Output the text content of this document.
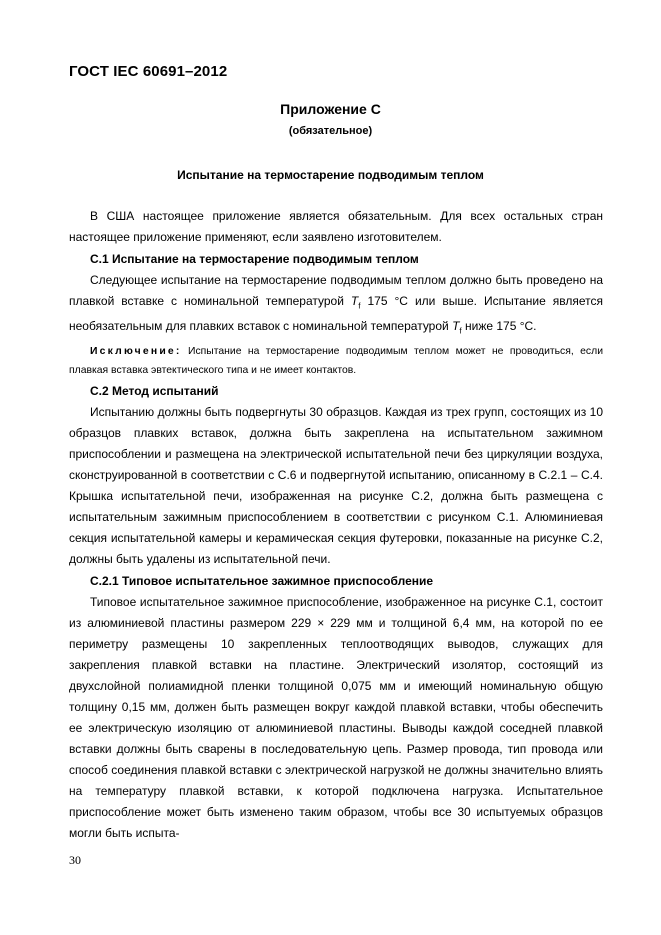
ГОСТ IEC 60691–2012
Приложение C
(обязательное)
Испытание на термостарение подводимым теплом

В США настоящее приложение является обязательным. Для всех остальных стран настоящее приложение применяют, если заявлено изготовителем.

С.1 Испытание на термостарение подводимым теплом

Следующее испытание на термостарение подводимым теплом должно быть проведено на плавкой вставке с номинальной температурой $T_f$ 175 °С или выше. Испытание является необязательным для плавких вставок с номинальной температурой $T_f$ ниже 175 °С.

Исключение: Испытание на термостарение подводимым теплом может не проводиться, если плавкая вставка эвтектического типа и не имеет контактов.

С.2 Метод испытаний

Испытанию должны быть подвергнуты 30 образцов. Каждая из трех групп, состоящих из 10 образцов плавких вставок, должна быть закреплена на испытательном зажимном приспособлении и размещена на электрической испытательной печи без циркуляции воздуха, сконструированной в соответствии с С.6 и подвергнутой испытанию, описанному в С.2.1 – С.4. Крышка испытательной печи, изображенная на рисунке С.2, должна быть размещена с испытательным зажимным приспособлением в соответствии с рисунком С.1. Алюминиевая секция испытательной камеры и керамическая секция футеровки, показанные на рисунке С.2, должны быть удалены из испытательной печи.

С.2.1 Типовое испытательное зажимное приспособление

Типовое испытательное зажимное приспособление, изображенное на рисунке С.1, состоит из алюминиевой пластины размером 229 × 229 мм и толщиной 6,4 мм, на которой по ее периметру размещены 10 закрепленных теплоотводящих выводов, служащих для закрепления плавкой вставки на пластине. Электрический изолятор, состоящий из двухслойной полиамидной пленки толщиной 0,075 мм и имеющий номинальную общую толщину 0,15 мм, должен быть размещен вокруг каждой плавкой вставки, чтобы обеспечить ее электрическую изоляцию от алюминиевой пластины. Выводы каждой соседней плавкой вставки должны быть сварены в последовательную цепь. Размер провода, тип провода или способ соединения плавкой вставки с электрической нагрузкой не должны значительно влиять на температуру плавкой вставки, к которой подключена нагрузка. Испытательное приспособление может быть изменено таким образом, чтобы все 30 испытуемых образцов могли быть испыта-

30
